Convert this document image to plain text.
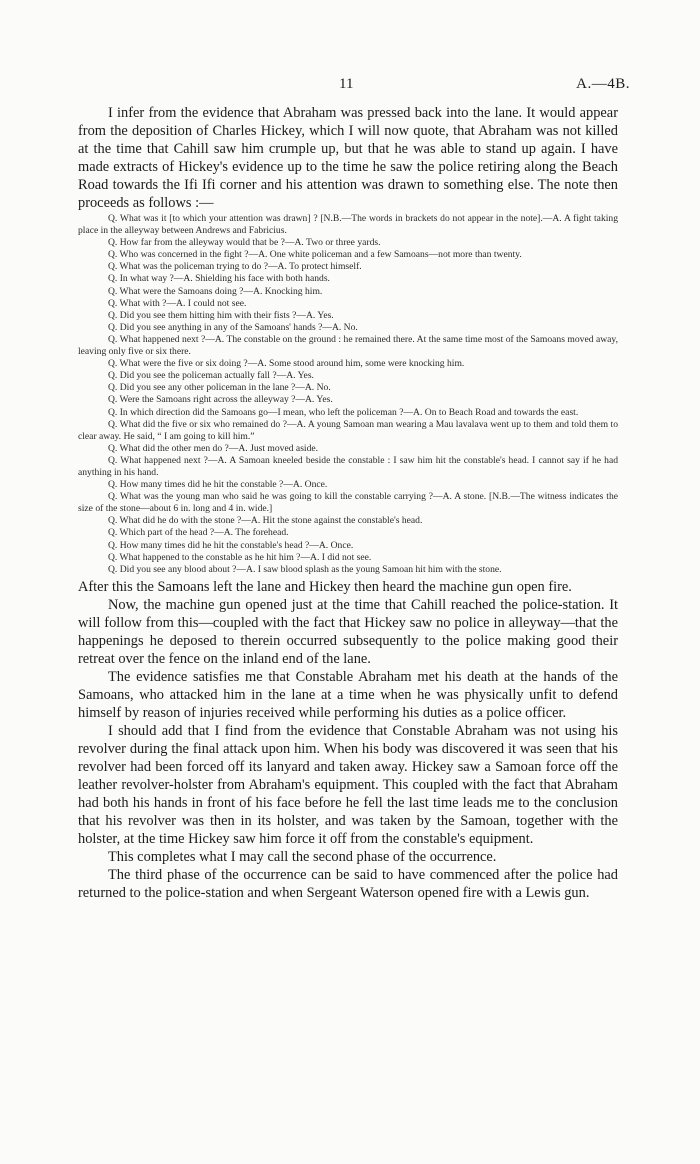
11	A.—4B.

I infer from the evidence that Abraham was pressed back into the lane. It would appear from the deposition of Charles Hickey, which I will now quote, that Abraham was not killed at the time that Cahill saw him crumple up, but that he was able to stand up again. I have made extracts of Hickey's evidence up to the time he saw the police retiring along the Beach Road towards the Ifi Ifi corner and his attention was drawn to something else. The note then proceeds as follows :—

Q. What was it [to which your attention was drawn] ? [N.B.—The words in brackets do not appear in the note].—A. A fight taking place in the alleyway between Andrews and Fabricius.

Q. How far from the alleyway would that be ?—A. Two or three yards.

Q. Who was concerned in the fight ?—A. One white policeman and a few Samoans—not more than twenty.

Q. What was the policeman trying to do ?—A. To protect himself.

Q. In what way ?—A. Shielding his face with both hands.

Q. What were the Samoans doing ?—A. Knocking him.

Q. What with ?—A. I could not see.

Q. Did you see them hitting him with their fists ?—A. Yes.

Q. Did you see anything in any of the Samoans' hands ?—A. No.

Q. What happened next ?—A. The constable on the ground : he remained there. At the same time most of the Samoans moved away, leaving only five or six there.

Q. What were the five or six doing ?—A. Some stood around him, some were knocking him.

Q. Did you see the policeman actually fall ?—A. Yes.

Q. Did you see any other policeman in the lane ?—A. No.

Q. Were the Samoans right across the alleyway ?—A. Yes.

Q. In which direction did the Samoans go—I mean, who left the policeman ?—A. On to Beach Road and towards the east.

Q. What did the five or six who remained do ?—A. A young Samoan man wearing a Mau lavalava went up to them and told them to clear away. He said, “ I am going to kill him.”

Q. What did the other men do ?—A. Just moved aside.

Q. What happened next ?—A. A Samoan kneeled beside the constable : I saw him hit the constable's head. I cannot say if he had anything in his hand.

Q. How many times did he hit the constable ?—A. Once.

Q. What was the young man who said he was going to kill the constable carrying ?—A. A stone. [N.B.—The witness indicates the size of the stone—about 6 in. long and 4 in. wide.]

Q. What did he do with the stone ?—A. Hit the stone against the constable's head.

Q. Which part of the head ?—A. The forehead.

Q. How many times did he hit the constable's head ?—A. Once.

Q. What happened to the constable as he hit him ?—A. I did not see.

Q. Did you see any blood about ?—A. I saw blood splash as the young Samoan hit him with the stone.

After this the Samoans left the lane and Hickey then heard the machine gun open fire.

Now, the machine gun opened just at the time that Cahill reached the police-station. It will follow from this—coupled with the fact that Hickey saw no police in alleyway—that the happenings he deposed to therein occurred subsequently to the police making good their retreat over the fence on the inland end of the lane.

The evidence satisfies me that Constable Abraham met his death at the hands of the Samoans, who attacked him in the lane at a time when he was physically unfit to defend himself by reason of injuries received while performing his duties as a police officer.

I should add that I find from the evidence that Constable Abraham was not using his revolver during the final attack upon him. When his body was discovered it was seen that his revolver had been forced off its lanyard and taken away. Hickey saw a Samoan force off the leather revolver-holster from Abraham's equipment. This coupled with the fact that Abraham had both his hands in front of his face before he fell the last time leads me to the conclusion that his revolver was then in its holster, and was taken by the Samoan, together with the holster, at the time Hickey saw him force it off from the constable's equipment.

This completes what I may call the second phase of the occurrence.

The third phase of the occurrence can be said to have commenced after the police had returned to the police-station and when Sergeant Waterson opened fire with a Lewis gun.
